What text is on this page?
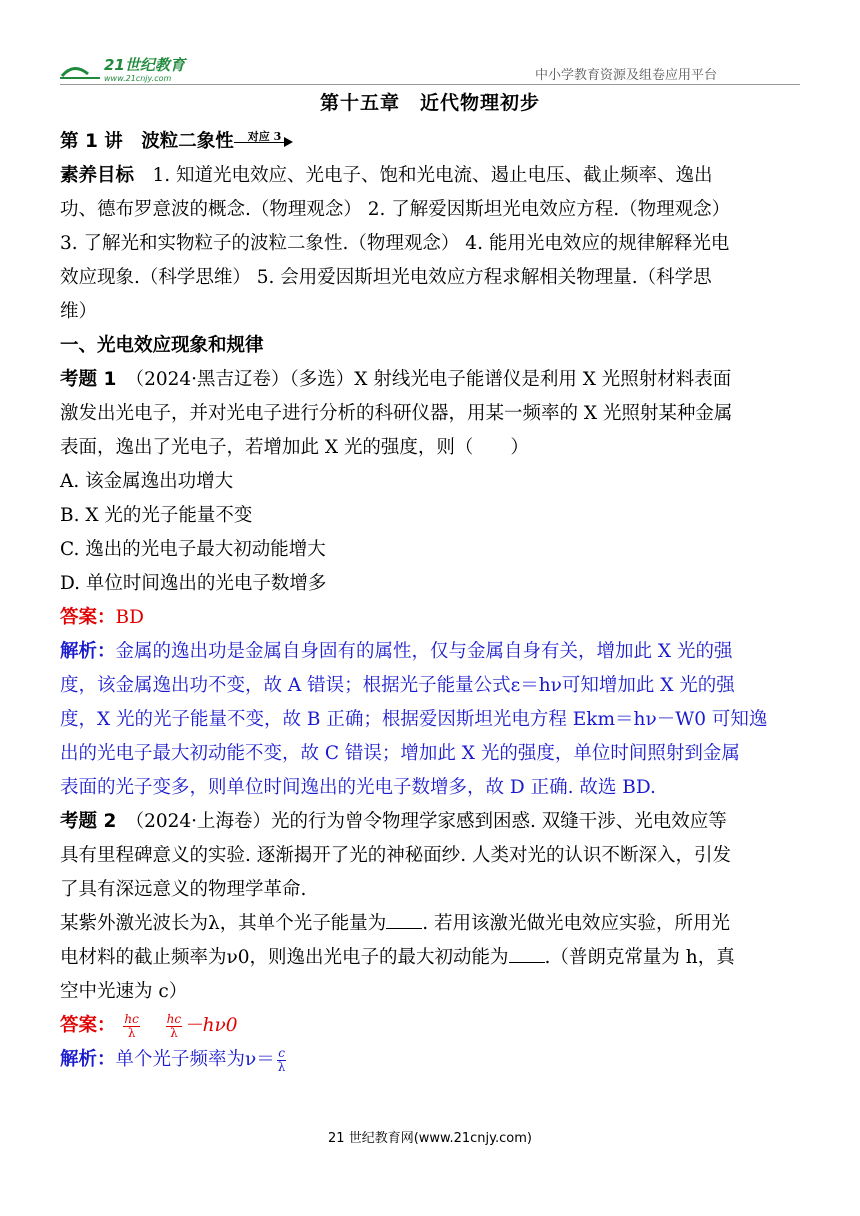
21世纪教育
www.21cnjy.com	中小学教育资源及组卷应用平台
第十五章　近代物理初步
第 1 讲　波粒二象性 对应 3
素养目标　1. 知道光电效应、光电子、饱和光电流、遏止电压、截止频率、逸出
功、德布罗意波的概念.（物理观念） 2. 了解爱因斯坦光电效应方程.（物理观念）
3. 了解光和实物粒子的波粒二象性.（物理观念） 4. 能用光电效应的规律解释光电
效应现象.（科学思维） 5. 会用爱因斯坦光电效应方程求解相关物理量.（科学思
维）
一、光电效应现象和规律
考题 1　（2024·黑吉辽卷）（多选）X 射线光电子能谱仪是利用 X 光照射材料表面
激发出光电子，并对光电子进行分析的科研仪器，用某一频率的 X 光照射某种金属
表面，逸出了光电子，若增加此 X 光的强度，则（　　）
A. 该金属逸出功增大
B. X 光的光子能量不变
C. 逸出的光电子最大初动能增大
D. 单位时间逸出的光电子数增多
答案：BD
解析：金属的逸出功是金属自身固有的属性，仅与金属自身有关，增加此 X 光的强
度，该金属逸出功不变，故 A 错误；根据光子能量公式ε＝hν可知增加此 X 光的强
度，X 光的光子能量不变，故 B 正确；根据爱因斯坦光电方程 Ekm＝hν－W0 可知逸
出的光电子最大初动能不变，故 C 错误；增加此 X 光的强度，单位时间照射到金属
表面的光子变多，则单位时间逸出的光电子数增多，故 D 正确. 故选 BD.
考题 2　（2024·上海卷）光的行为曾令物理学家感到困惑. 双缝干涉、光电效应等
具有里程碑意义的实验. 逐渐揭开了光的神秘面纱. 人类对光的认识不断深入，引发
了具有深远意义的物理学革命.
某紫外激光波长为λ，其单个光子能量为 . 若用该激光做光电效应实验，所用光
电材料的截止频率为ν0，则逸出光电子的最大初动能为 .（普朗克常量为 h，真
空中光速为 c）
答案： $\frac{hc}{\lambda}$
$\frac{hc}{\lambda} -h\nu 0$
解析：单个光子频率为$\nu= \frac{c}{\lambda}$
21 世纪教育网(www.21cnjy.com)
